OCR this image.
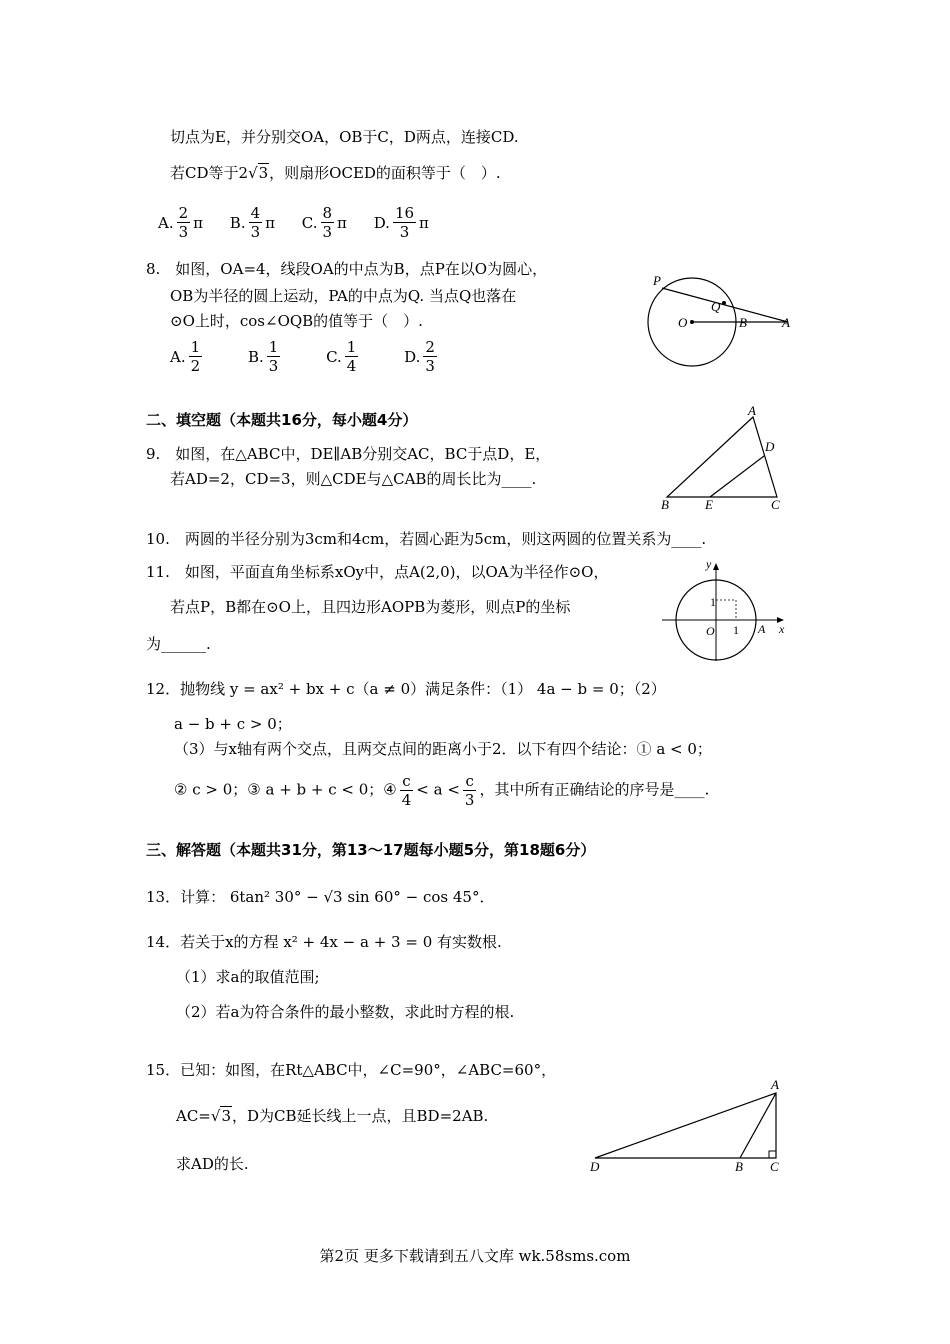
切点为E，并分别交OA，OB于C，D两点，连接CD.
若CD等于2√3，则扇形OCED的面积等于（　）.
A. $\frac{2}{3}$ π
B. $\frac{4}{3}$ π
C. $\frac{8}{3}$ π
D. $\frac{16}{3}$ π
8.　如图，OA=4，线段OA的中点为B，点P在以O为圆心，
OB为半径的圆上运动，PA的中点为Q. 当点Q也落在
⊙O上时，cos∠OQB的值等于（　）.
A. $\frac{1}{2}$
	B. $\frac{1}{3}$
	C. $\frac{1}{4}$
	D. $\frac{2}{3}$
P
Q
O	B	A
二、填空题（本题共16分，每小题4分）
9.　如图，在△ABC中，DE∥AB分别交AC，BC于点D，E，
若AD=2，CD=3，则△CDE与△CAB的周长比为____.
A
D
B	E	C
10.　两圆的半径分别为3cm和4cm，若圆心距为5cm，则这两圆的位置关系为____.
11.　如图，平面直角坐标系xOy中，点A(2,0)，以OA为半径作⊙O，
若点P，B都在⊙O上，且四边形AOPB为菱形，则点P的坐标
为______.
y
x
O 1
1
A
12．抛物线 y = ax² + bx + c（a ≠ 0）满足条件：（1） 4a − b = 0；（2）
a − b + c > 0；
（3）与x轴有两个交点，且两交点间的距离小于2．以下有四个结论：① a < 0；
② c > 0；③ a + b + c < 0；④ $\frac{c}{4} < a < \frac{c}{3}$ ，其中所有正确结论的序号是____.
三、解答题（本题共31分，第13～17题每小题5分，第18题6分）
13．计算： 6tan² 30° − √3 sin 60° − cos 45°．
14．若关于x的方程 x² + 4x − a + 3 = 0 有实数根.
（1）求a的取值范围;
（2）若a为符合条件的最小整数，求此时方程的根.
15．已知：如图，在Rt△ABC中，∠C=90°，∠ABC=60°，
AC=√3，D为CB延长线上一点，且BD=2AB.
求AD的长.
A
D	B C
第2页 更多下载请到五八文库 wk.58sms.com
